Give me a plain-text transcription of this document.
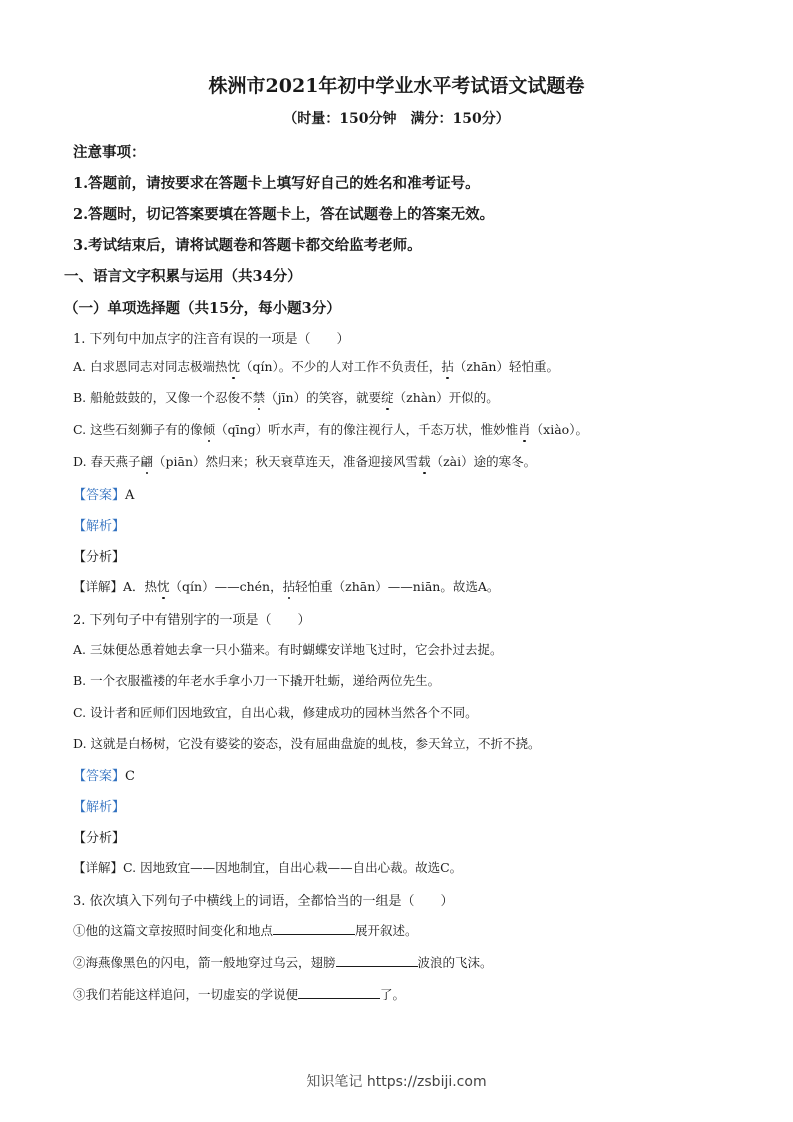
株洲市2021年初中学业水平考试语文试题卷
（时量：150分钟　满分：150分）
注意事项：
1.答题前，请按要求在答题卡上填写好自己的姓名和准考证号。
2.答题时，切记答案要填在答题卡上，答在试题卷上的答案无效。
3.考试结束后，请将试题卷和答题卡都交给监考老师。
一、语言文字积累与运用（共34分）
（一）单项选择题（共15分，每小题3分）
1. 下列句中加点字的注音有误的一项是（　　）
A. 白求恩同志对同志极端热忱（qín）。不少的人对工作不负责任，拈（zhān）轻怕重。
B. 船舱鼓鼓的，又像一个忍俊不禁（jīn）的笑容，就要绽（zhàn）开似的。
C. 这些石刻狮子有的像倾（qīng）听水声，有的像注视行人，千态万状，惟妙惟肖（xiào）。
D. 春天燕子翩（piān）然归来；秋天衰草连天，准备迎接风雪载（zài）途的寒冬。
【答案】A
【解析】
【分析】
【详解】A．热忱（qín）——chén，拈轻怕重（zhān）——niān。故选A。
2. 下列句子中有错别字的一项是（　　）
A. 三妹便怂恿着她去拿一只小猫来。有时蝴蝶安详地飞过时，它会扑过去捉。
B. 一个衣服褴褛的年老水手拿小刀一下撬开牡蛎，递给两位先生。
C. 设计者和匠师们因地致宜，自出心栽，修建成功的园林当然各个不同。
D. 这就是白杨树，它没有婆娑的姿态，没有屈曲盘旋的虬枝，参天耸立，不折不挠。
【答案】C
【解析】
【分析】
【详解】C. 因地致宜——因地制宜，自出心栽——自出心裁。故选C。
3. 依次填入下列句子中横线上的词语，全都恰当的一组是（　　）
①他的这篇文章按照时间变化和地点	展开叙述。
②海燕像黑色的闪电，箭一般地穿过乌云，翅膀	波浪的飞沫。
③我们若能这样追问，一切虚妄的学说便	了。
知识笔记 https://zsbiji.com
